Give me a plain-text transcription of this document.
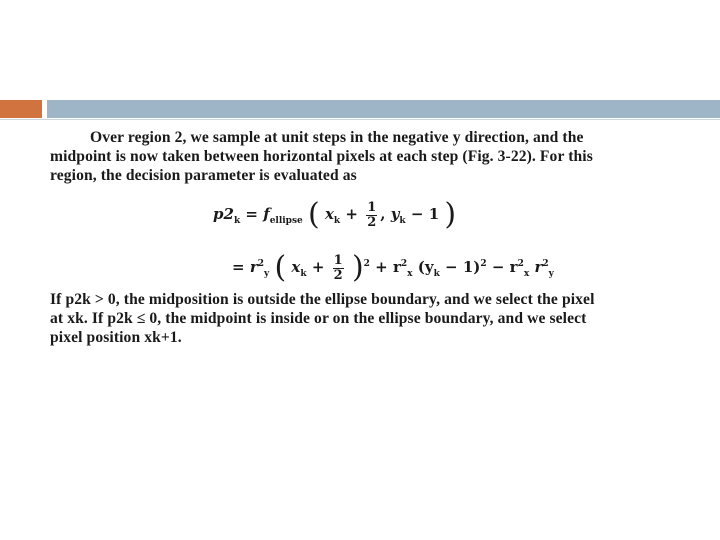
Over region 2, we sample at unit steps in the negative y direction, and the
midpoint is now taken between horizontal pixels at each step (Fig. 3-22). For this
region, the decision parameter is evaluated as
$p2_k = f_{ellipse}$ ( $x_k + \frac{1}{2}$ , $y_k - 1$ )
= $r^2_y$ ( $x_k + \frac{1}{2} )^2 + r^2_x$ $(y_k - 1)^2 - r^2_x$ $r^2_y$
If p2k > 0, the midposition is outside the ellipse boundary, and we select the pixel
at xk. If p2k ≤ 0, the midpoint is inside or on the ellipse boundary, and we select
pixel position xk+1.
